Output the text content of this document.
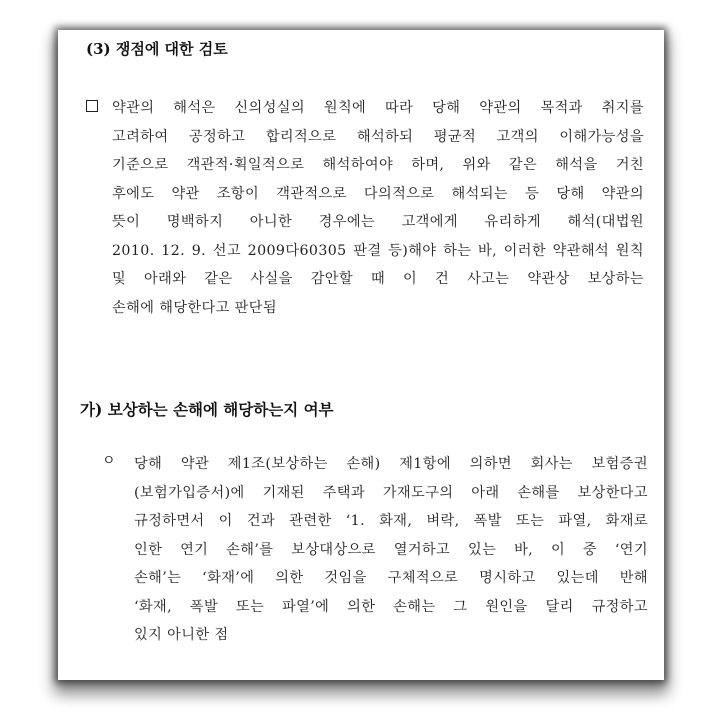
(3) 쟁점에 대한 검토
약관의 해석은 신의성실의 원칙에 따라 당해 약관의 목적과 취지를
고려하여 공정하고 합리적으로 해석하되 평균적 고객의 이해가능성을
기준으로 객관적·획일적으로 해석하여야 하며, 위와 같은 해석을 거친
후에도 약관 조항이 객관적으로 다의적으로 해석되는 등 당해 약관의
뜻이 명백하지 아니한 경우에는 고객에게 유리하게 해석(대법원
2010. 12. 9. 선고 2009다60305 판결 등)해야 하는 바, 이러한 약관해석 원칙
및 아래와 같은 사실을 감안할 때 이 건 사고는 약관상 보상하는
손해에 해당한다고 판단됨
가) 보상하는 손해에 해당하는지 여부
ㅇ 당해 약관 제1조(보상하는 손해) 제1항에 의하면 회사는 보험증권
(보험가입증서)에 기재된 주택과 가재도구의 아래 손해를 보상한다고
규정하면서 이 건과 관련한 ‘1. 화재, 벼락, 폭발 또는 파열, 화재로
인한 연기 손해’를 보상대상으로 열거하고 있는 바, 이 중 ‘연기
손해’는 ‘화재’에 의한 것임을 구체적으로 명시하고 있는데 반해
‘화재, 폭발 또는 파열’에 의한 손해는 그 원인을 달리 규정하고
있지 아니한 점
